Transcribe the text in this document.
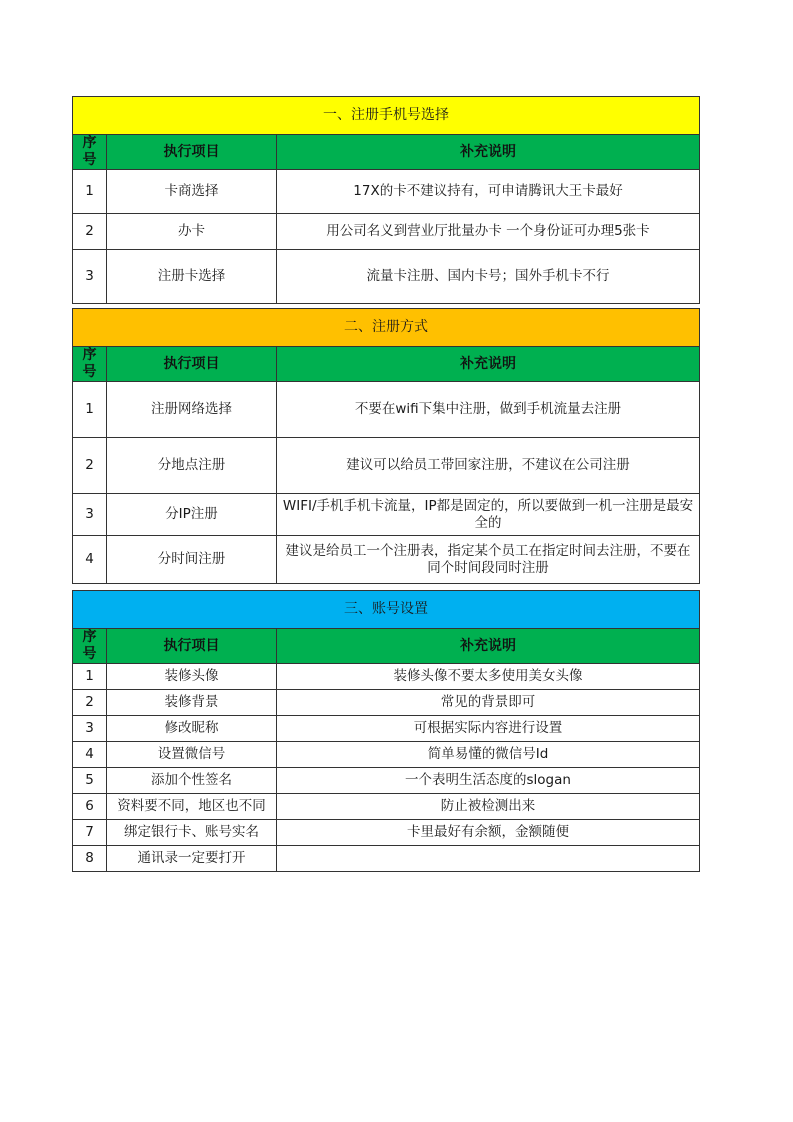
一、注册手机号选择		
序号	执行项目	补充说明
1	卡商选择	17X的卡不建议持有，可申请腾讯大王卡最好
2	办卡	用公司名义到营业厅批量办卡 一个身份证可办理5张卡
3	注册卡选择	流量卡注册、国内卡号；国外手机卡不行
二、注册方式		
序号	执行项目	补充说明
1	注册网络选择	不要在wifi下集中注册，做到手机流量去注册
2	分地点注册	建议可以给员工带回家注册，不建议在公司注册
3	分IP注册	WIFI/手机手机卡流量，IP都是固定的，所以要做到一机一注册是最安全的
4	分时间注册	建议是给员工一个注册表，指定某个员工在指定时间去注册，不要在同个时间段同时注册
三、账号设置		
序号	执行项目	补充说明
1	装修头像	装修头像不要太多使用美女头像
2	装修背景	常见的背景即可
3	修改昵称	可根据实际内容进行设置
4	设置微信号	简单易懂的微信号Id
5	添加个性签名	一个表明生活态度的slogan
6	资料要不同，地区也不同	防止被检测出来
7	绑定银行卡、账号实名	卡里最好有余额，金额随便
8	通讯录一定要打开	
